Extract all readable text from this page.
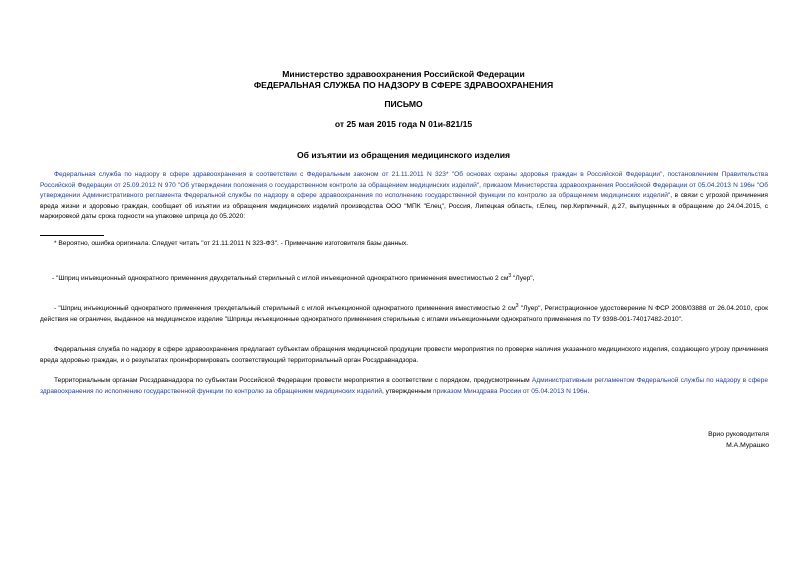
Министерство здравоохранения Российской Федерации
ФЕДЕРАЛЬНАЯ СЛУЖБА ПО НАДЗОРУ В СФЕРЕ ЗДРАВООХРАНЕНИЯ
ПИСЬМО
от 25 мая 2015 года N 01и-821/15
Об изъятии из обращения медицинского изделия
Федеральная служба по надзору в сфере здравоохранения в соответствии с Федеральным законом от 21.11.2011 N 323* "Об основах охраны здоровья граждан в Российской Федерации", постановлением Правительства Российской Федерации от 25.09.2012 N 970 "Об утверждении положения о государственном контроле за обращением медицинских изделий", приказом Министерства здравоохранения Российской Федерации от 05.04.2013 N 196н "Об утверждении Административного регламента Федеральной службы по надзору в сфере здравоохранения по исполнению государственной функции по контролю за обращением медицинских изделий", в связи с угрозой причинения вреда жизни и здоровью граждан, сообщает об изъятии из обращения медицинских изделий производства ООО "МПК "Елец", Россия, Липецкая область, г.Елец, пер.Кирпичный, д.27, выпущенных в обращение до 24.04.2015, с маркировкой даты срока годности на упаковке шприца до 05.2020:
* Вероятно, ошибка оригинала. Следует читать "от 21.11.2011 N 323-ФЗ". - Примечание изготовителя базы данных.
- "Шприц инъекционный однократного применения двухдетальный стерильный с иглой инъекционной однократного применения вместимостью 2 $см^3$ "Луер",
- "Шприц инъекционный однократного применения трехдетальный стерильный с иглой инъекционной однократного применения вместимостью 2 $см^3$ "Луер", Регистрационное удостоверение N ФСР 2008/03888 от 26.04.2010, срок действия не ограничен, выданное на медицинское изделие "Шприцы инъекционные однократного применения стерильные с иглами инъекционными однократного применения по ТУ 9398-001-74017482-2010".
Федеральная служба по надзору в сфере здравоохранения предлагает субъектам обращения медицинской продукции провести мероприятия по проверке наличия указанного медицинского изделия, создающего угрозу причинения вреда здоровью граждан, и о результатах проинформировать соответствующий территориальный орган Росздравнадзора.
Территориальным органам Росздравнадзора по субъектам Российской Федерации провести мероприятия в соответствии с порядком, предусмотренным Административным регламентом Федеральной службы по надзору в сфере здравоохранения по исполнению государственной функции по контролю за обращением медицинских изделий, утвержденным приказом Минздрава России от 05.04.2013 N 196н.
Врио руководителя
М.А.Мурашко
